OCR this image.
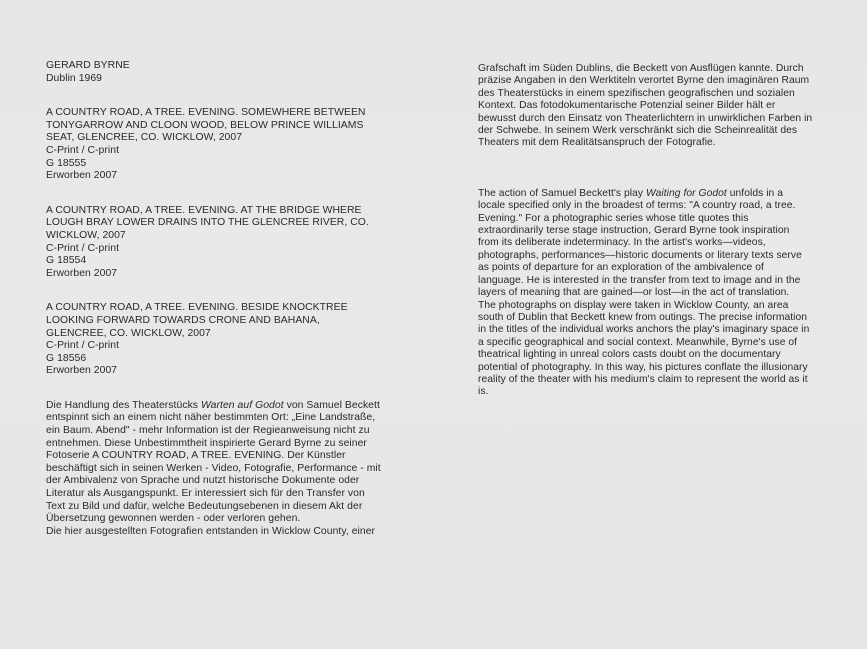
GERARD BYRNE
Dublin 1969
A COUNTRY ROAD, A TREE. EVENING. SOMEWHERE BETWEEN
TONYGARROW AND CLOON WOOD, BELOW PRINCE WILLIAMS
SEAT, GLENCREE, CO. WICKLOW, 2007
C-Print / C-print
G 18555
Erworben 2007
A COUNTRY ROAD, A TREE. EVENING. AT THE BRIDGE WHERE
LOUGH BRAY LOWER DRAINS INTO THE GLENCREE RIVER, CO.
WICKLOW, 2007
C-Print / C-print
G 18554
Erworben 2007
A COUNTRY ROAD, A TREE. EVENING. BESIDE KNOCKTREE
LOOKING FORWARD TOWARDS CRONE AND BAHANA,
GLENCREE, CO. WICKLOW, 2007
C-Print / C-print
G 18556
Erworben 2007
Die Handlung des Theaterstücks Warten auf Godot von Samuel Beckett
entspinnt sich an einem nicht näher bestimmten Ort: „Eine Landstraße,
ein Baum. Abend" - mehr Information ist der Regieanweisung nicht zu
entnehmen. Diese Unbestimmtheit inspirierte Gerard Byrne zu seiner
Fotoserie A COUNTRY ROAD, A TREE. EVENING. Der Künstler
beschäftigt sich in seinen Werken - Video, Fotografie, Performance - mit
der Ambivalenz von Sprache und nutzt historische Dokumente oder
Literatur als Ausgangspunkt. Er interessiert sich für den Transfer von
Text zu Bild und dafür, welche Bedeutungsebenen in diesem Akt der
Übersetzung gewonnen werden - oder verloren gehen.
Die hier ausgestellten Fotografien entstanden in Wicklow County, einer
Grafschaft im Süden Dublins, die Beckett von Ausflügen kannte. Durch
präzise Angaben in den Werktiteln verortet Byrne den imaginären Raum
des Theaterstücks in einem spezifischen geografischen und sozialen
Kontext. Das fotodokumentarische Potenzial seiner Bilder hält er
bewusst durch den Einsatz von Theaterlichtern in unwirklichen Farben in
der Schwebe. In seinem Werk verschränkt sich die Scheinrealität des
Theaters mit dem Realitätsanspruch der Fotografie.
The action of Samuel Beckett's play Waiting for Godot unfolds in a
locale specified only in the broadest of terms: "A country road, a tree.
Evening." For a photographic series whose title quotes this
extraordinarily terse stage instruction, Gerard Byrne took inspiration
from its deliberate indeterminacy. In the artist's works—videos,
photographs, performances—historic documents or literary texts serve
as points of departure for an exploration of the ambivalence of
language. He is interested in the transfer from text to image and in the
layers of meaning that are gained—or lost—in the act of translation.
The photographs on display were taken in Wicklow County, an area
south of Dublin that Beckett knew from outings. The precise information
in the titles of the individual works anchors the play's imaginary space in
a specific geographical and social context. Meanwhile, Byrne's use of
theatrical lighting in unreal colors casts doubt on the documentary
potential of photography. In this way, his pictures conflate the illusionary
reality of the theater with his medium's claim to represent the world as it
is.
